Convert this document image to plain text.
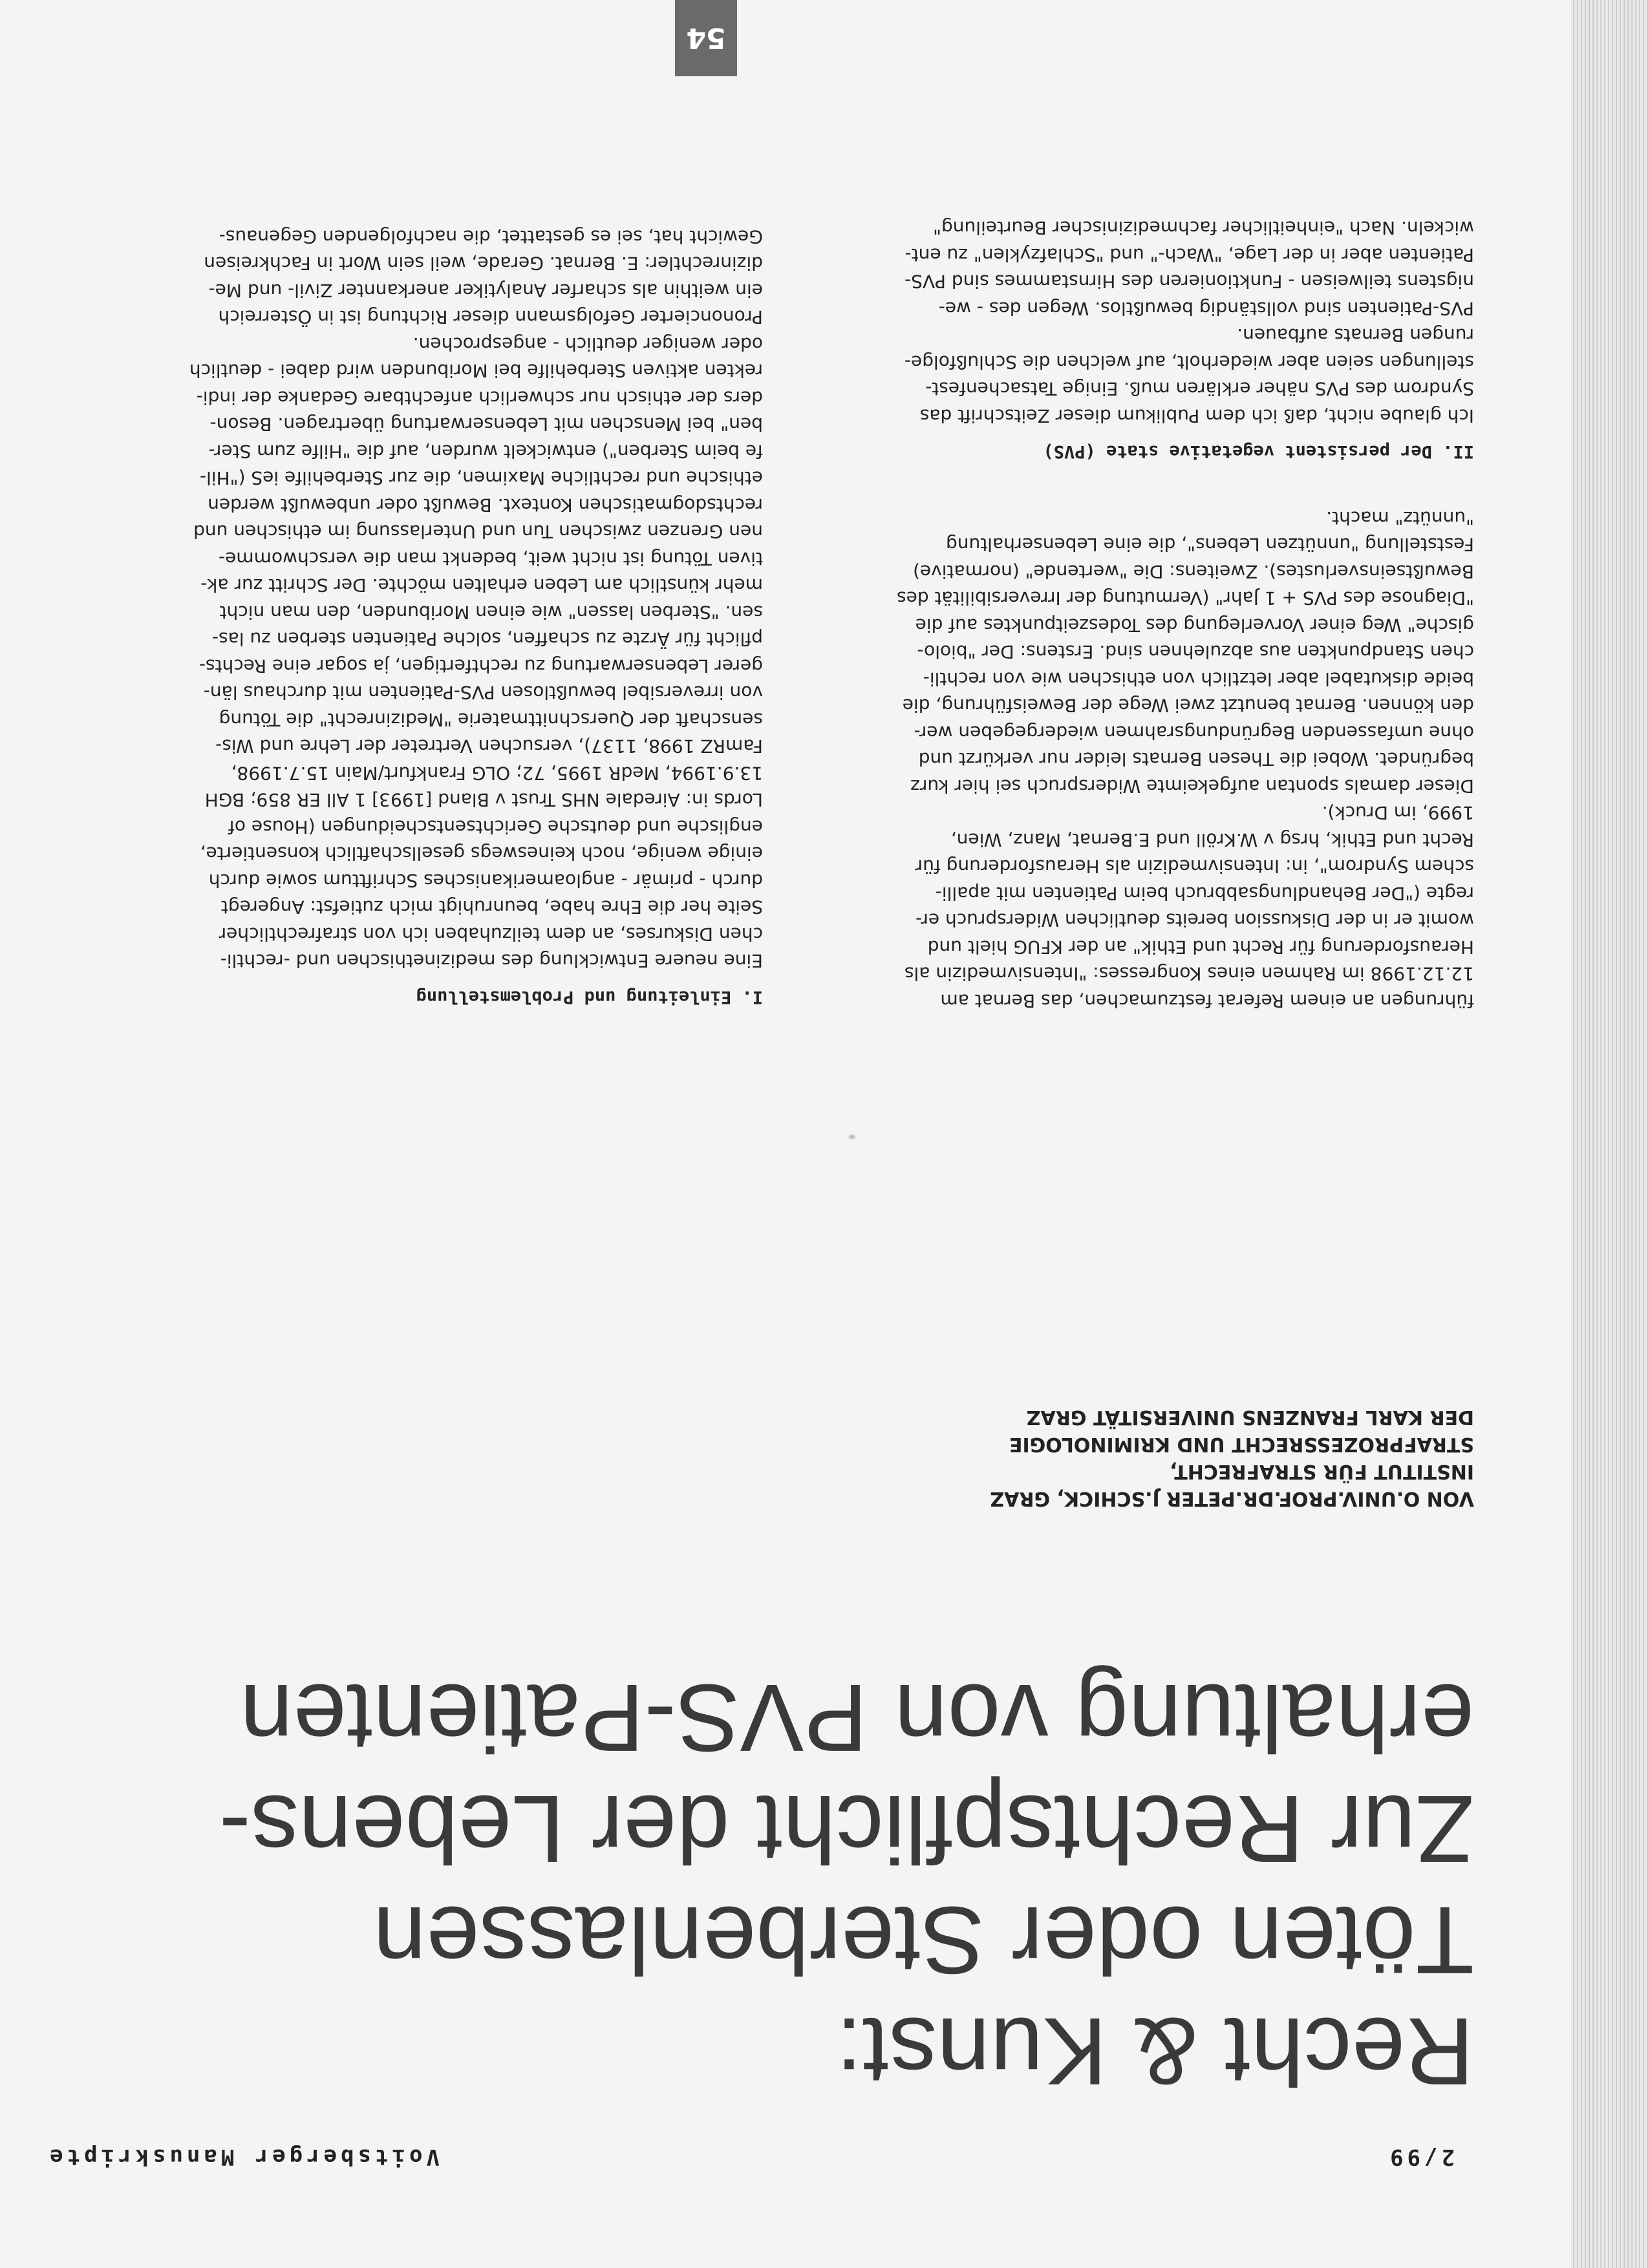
54
2/99
Voitsberger Manuskripte
Recht & Kunst:
Töten oder Sterbenlassen
Zur Rechtspflicht der Lebens-
erhaltung von PVS-Patienten
VON O.UNIV.PROF.DR.PETER J.SCHICK, GRAZ
INSTITUT FÜR STRAFRECHT,
STRAFPROZESSRECHT UND KRIMINOLOGIE
DER KARL FRANZENS UNIVERSITÄT GRAZ
führungen an einem Referat festzumachen, das Bernat am
12.12.1998 im Rahmen eines Kongresses: "Intensivmedizin als
Herausforderung für Recht und Ethik" an der KFUG hielt und
womit er in der Diskussion bereits deutlichen Widerspruch er-
regte ("Der Behandlungsabbruch beim Patienten mit apalli-
schem Syndrom", in: Intensivmedizin als Herausforderung für
Recht und Ethik, hrsg v W.Kröll und E.Bernat, Manz, Wien,
1999, im Druck).
Dieser damals spontan aufgekeimte Widerspruch sei hier kurz
begründet. Wobei die Thesen Bernats leider nur verkürzt und
ohne umfassenden Begründungsrahmen wiedergegeben wer-
den können. Bernat benutzt zwei Wege der Beweisführung, die
beide diskutabel aber letztlich von ethischen wie von rechtli-
chen Standpunkten aus abzulehnen sind. Erstens: Der "biolo-
gische" Weg einer Vorverlegung des Todeszeitpunktes auf die
"Diagnose des PVS + 1 Jahr" (Vermutung der Irreversibilität des
Bewußtseinsverlustes). Zweitens: Die "wertende" (normative)
Feststellung "unnützen Lebens", die eine Lebenserhaltung
"unnütz" macht.
II. Der persistent vegetative state (PVS)
Ich glaube nicht, daß ich dem Publikum dieser Zeitschrift das
Syndrom des PVS näher erklären muß. Einige Tatsachenfest-
stellungen seien aber wiederholt, auf welchen die Schlußfolge-
rungen Bernats aufbauen.
PVS-Patienten sind vollständig bewußtlos. Wegen des - we-
nigstens teilweisen - Funktionieren des Hirnstammes sind PVS-
Patienten aber in der Lage, "Wach-" und "Schlafzyklen" zu ent-
wickeln. Nach "einheitlicher fachmedizinischer Beurteilung"
I. Einleitung und Problemstellung
Eine neuere Entwicklung des medizinethischen und -rechtli-
chen Diskurses, an dem teilzuhaben ich von strafrechtlicher
Seite her die Ehre habe, beunruhigt mich zutiefst: Angeregt
durch - primär - angloamerikanisches Schrifttum sowie durch
einige wenige, noch keineswegs gesellschaftlich konsentierte,
englische und deutsche Gerichtsentscheidungen (House of
Lords in: Airedale NHS Trust v Bland [1993] 1 All ER 859; BGH
13.9.1994, MedR 1995, 72; OLG Frankfurt/Main 15.7.1998,
FamRZ 1998, 1137), versuchen Vertreter der Lehre und Wis-
senschaft der Querschnittmaterie "Medizinrecht" die Tötung
von irreversibel bewußtlosen PVS-Patienten mit durchaus län-
gerer Lebenserwartung zu rechtfertigen, ja sogar eine Rechts-
pflicht für Ärzte zu schaffen, solche Patienten sterben zu las-
sen. "Sterben lassen" wie einen Moribunden, den man nicht
mehr künstlich am Leben erhalten möchte. Der Schritt zur ak-
tiven Tötung ist nicht weit, bedenkt man die verschwomme-
nen Grenzen zwischen Tun und Unterlassung im ethischen und
rechtsdogmatischen Kontext. Bewußt oder unbewußt werden
ethische und rechtliche Maximen, die zur Sterbehilfe iеS ("Hil-
fe beim Sterben") entwickelt wurden, auf die "Hilfe zum Ster-
ben" bei Menschen mit Lebenserwartung übertragen. Beson-
ders der ethisch nur schwerlich anfechtbare Gedanke der indi-
rekten aktiven Sterbehilfe bei Moribunden wird dabei - deutlich
oder weniger deutlich - angesprochen.
Prononcierter Gefolgsmann dieser Richtung ist in Österreich
ein weithin als scharfer Analytiker anerkannter Zivil- und Me-
dizinrechtler: E. Bernat. Gerade, weil sein Wort in Fachkreisen
Gewicht hat, sei es gestattet, die nachfolgenden Gegenaus-
